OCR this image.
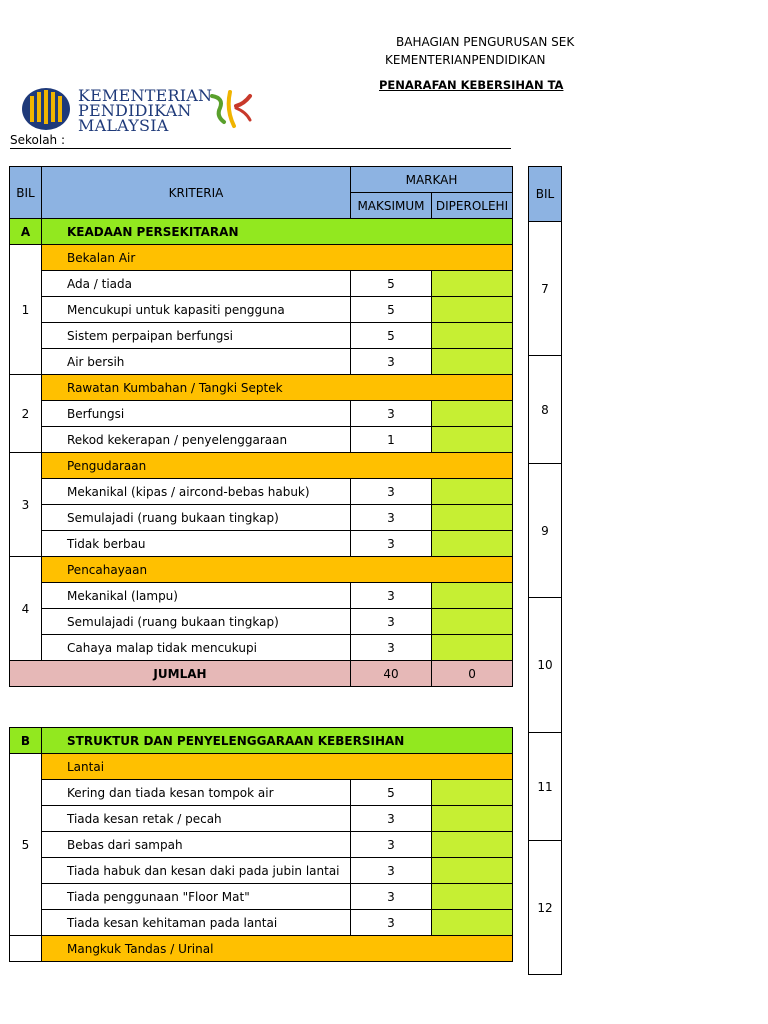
BAHAGIAN PENGURUSAN SEK
KEMENTERIANPENDIDIKAN
PENARAFAN KEBERSIHAN TA
KEMENTERIAN
PENDIDIKAN
MALAYSIA
Sekolah :
BIL	KRITERIA	MARKAH	
		MAKSIMUM	DIPEROLEHI
A	KEADAAN PERSEKITARAN		
1	Bekalan Air		
	Ada / tiada	5	
	Mencukupi untuk kapasiti pengguna	5	
	Sistem perpaipan berfungsi	5	
	Air bersih	3	
2	Rawatan Kumbahan / Tangki Septek		
	Berfungsi	3	
	Rekod kekerapan / penyelenggaraan	1	
3	Pengudaraan		
	Mekanikal (kipas / aircond-bebas habuk)	3	
	Semulajadi (ruang bukaan tingkap)	3	
	Tidak berbau	3	
4	Pencahayaan		
	Mekanikal (lampu)	3	
	Semulajadi (ruang bukaan tingkap)	3	
	Cahaya malap tidak mencukupi	3	
JUMLAH		40	0
B	STRUKTUR DAN PENYELENGGARAAN KEBERSIHAN		
5	Lantai		
	Kering dan tiada kesan tompok air	5	
	Tiada kesan retak / pecah	3	
	Bebas dari sampah	3	
	Tiada habuk dan kesan daki pada jubin lantai	3	
	Tiada penggunaan "Floor Mat"	3	
	Tiada kesan kehitaman pada lantai	3	
	Mangkuk Tandas / Urinal		
BIL
7
8
9
10
11
12
